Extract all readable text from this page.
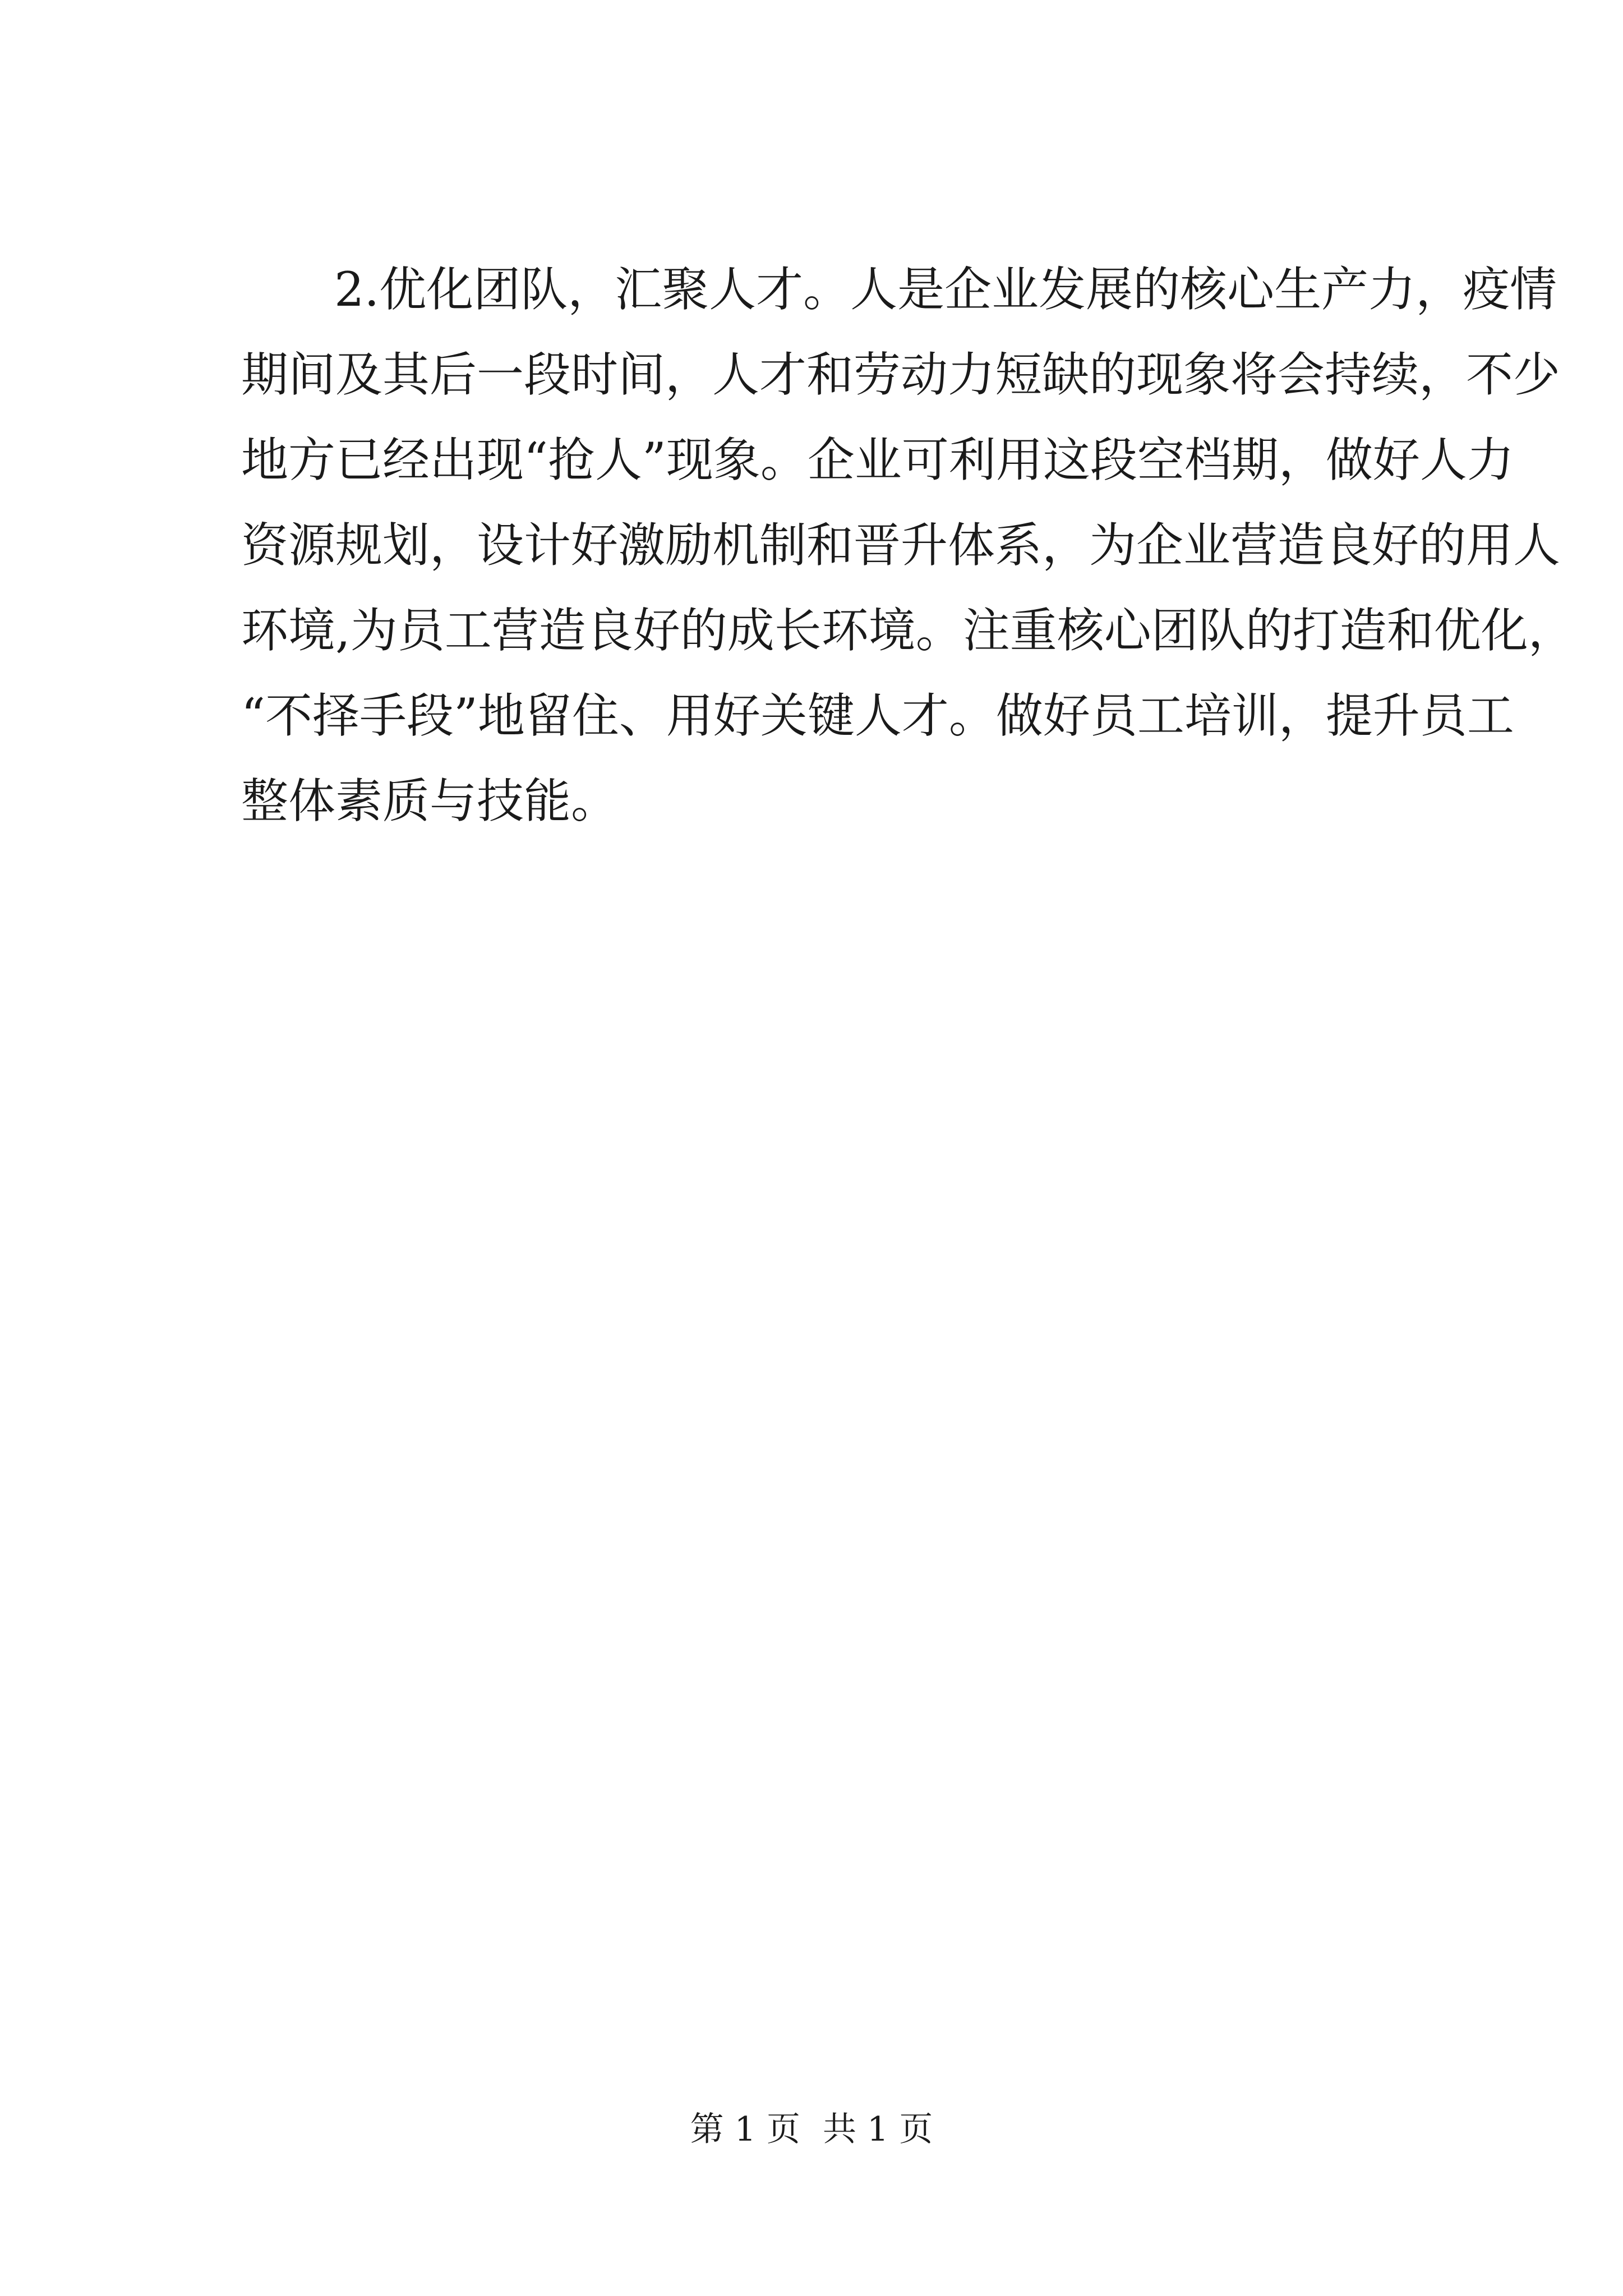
2.优化团队，汇聚人才。人是企业发展的核心生产力，疫情
期间及其后一段时间，人才和劳动力短缺的现象将会持续，不少
地方已经出现“抢人”现象。企业可利用这段空档期，做好人力
资源规划，设计好激励机制和晋升体系，为企业营造良好的用人
环境,为员工营造良好的成长环境。注重核心团队的打造和优化，
“不择手段”地留住、用好关键人才。做好员工培训，提升员工
整体素质与技能。
第 1 页 共 1 页
